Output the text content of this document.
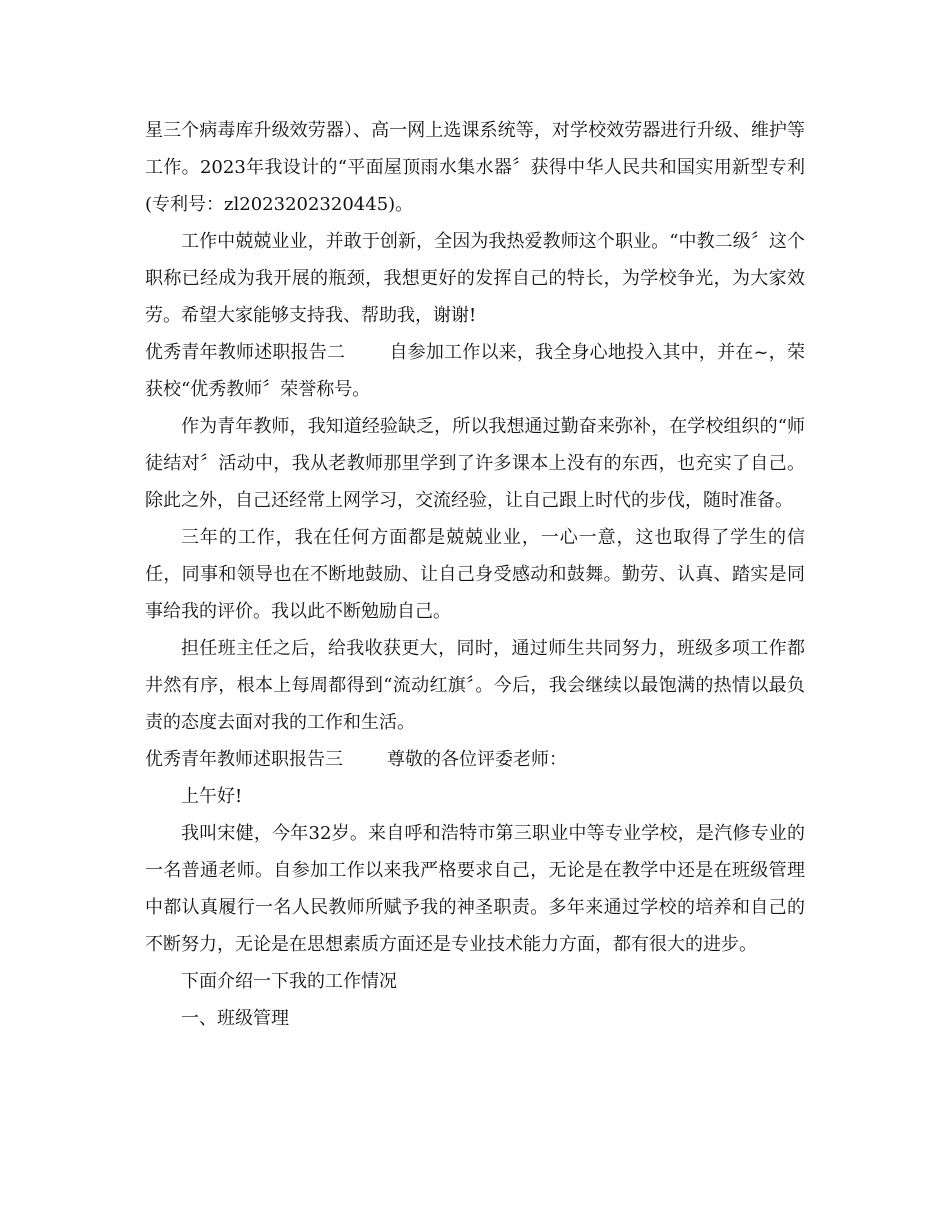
星三个病毒库升级效劳器）、高一网上选课系统等，对学校效劳器进行升级、维护等工作。2023年我设计的“平面屋顶雨水集水器〞获得中华人民共和国实用新型专利(专利号：zl2023202320445)。

工作中兢兢业业，并敢于创新，全因为我热爱教师这个职业。“中教二级〞这个职称已经成为我开展的瓶颈，我想更好的发挥自己的特长，为学校争光，为大家效劳。希望大家能够支持我、帮助我，谢谢!

优秀青年教师述职报告二 自参加工作以来，我全身心地投入其中，并在~，荣获校“优秀教师〞荣誉称号。

作为青年教师，我知道经验缺乏，所以我想通过勤奋来弥补，在学校组织的“师徒结对〞活动中，我从老教师那里学到了许多课本上没有的东西，也充实了自己。除此之外，自己还经常上网学习，交流经验，让自己跟上时代的步伐，随时准备。

三年的工作，我在任何方面都是兢兢业业，一心一意，这也取得了学生的信任，同事和领导也在不断地鼓励、让自己身受感动和鼓舞。勤劳、认真、踏实是同事给我的评价。我以此不断勉励自己。

担任班主任之后，给我收获更大，同时，通过师生共同努力，班级多项工作都井然有序，根本上每周都得到“流动红旗〞。今后，我会继续以最饱满的热情以最负责的态度去面对我的工作和生活。

优秀青年教师述职报告三 尊敬的各位评委老师：

上午好!

我叫宋健，今年32岁。来自呼和浩特市第三职业中等专业学校，是汽修专业的一名普通老师。自参加工作以来我严格要求自己，无论是在教学中还是在班级管理中都认真履行一名人民教师所赋予我的神圣职责。多年来通过学校的培养和自己的不断努力，无论是在思想素质方面还是专业技术能力方面，都有很大的进步。

下面介绍一下我的工作情况

一、班级管理
